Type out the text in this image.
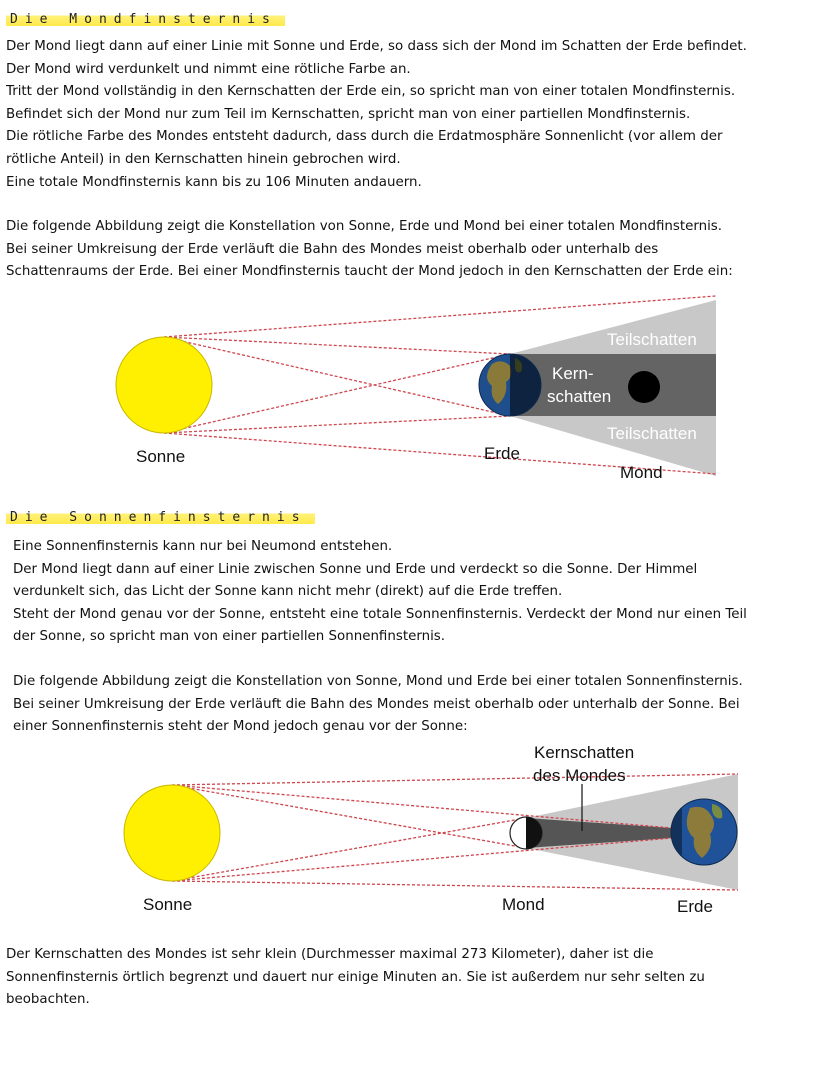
Die Mondfinsternis

Der Mond liegt dann auf einer Linie mit Sonne und Erde, so dass sich der Mond im Schatten der Erde befindet.

Der Mond wird verdunkelt und nimmt eine rötliche Farbe an.

Tritt der Mond vollständig in den Kernschatten der Erde ein, so spricht man von einer totalen Mondfinsternis.

Befindet sich der Mond nur zum Teil im Kernschatten, spricht man von einer partiellen Mondfinsternis.

Die rötliche Farbe des Mondes entsteht dadurch, dass durch die Erdatmosphäre Sonnenlicht (vor allem der

rötliche Anteil) in den Kernschatten hinein gebrochen wird.

Eine totale Mondfinsternis kann bis zu 106 Minuten andauern.

Die folgende Abbildung zeigt die Konstellation von Sonne, Erde und Mond bei einer totalen Mondfinsternis.

Bei seiner Umkreisung der Erde verläuft die Bahn des Mondes meist oberhalb oder unterhalb des

Schattenraums der Erde. Bei einer Mondfinsternis taucht der Mond jedoch in den Kernschatten der Erde ein:

Teilschatten
Kern-
schatten
Teilschatten
Sonne	Erde
Mond
Die Sonnenfinsternis

Eine Sonnenfinsternis kann nur bei Neumond entstehen.

Der Mond liegt dann auf einer Linie zwischen Sonne und Erde und verdeckt so die Sonne. Der Himmel

verdunkelt sich, das Licht der Sonne kann nicht mehr (direkt) auf die Erde treffen.

Steht der Mond genau vor der Sonne, entsteht eine totale Sonnenfinsternis. Verdeckt der Mond nur einen Teil

der Sonne, so spricht man von einer partiellen Sonnenfinsternis.

Die folgende Abbildung zeigt die Konstellation von Sonne, Mond und Erde bei einer totalen Sonnenfinsternis.

Bei seiner Umkreisung der Erde verläuft die Bahn des Mondes meist oberhalb oder unterhalb der Sonne. Bei

einer Sonnenfinsternis steht der Mond jedoch genau vor der Sonne:

Kernschatten
des Mondes
Sonne	Mond	Erde

Der Kernschatten des Mondes ist sehr klein (Durchmesser maximal 273 Kilometer), daher ist die

Sonnenfinsternis örtlich begrenzt und dauert nur einige Minuten an. Sie ist außerdem nur sehr selten zu

beobachten.
